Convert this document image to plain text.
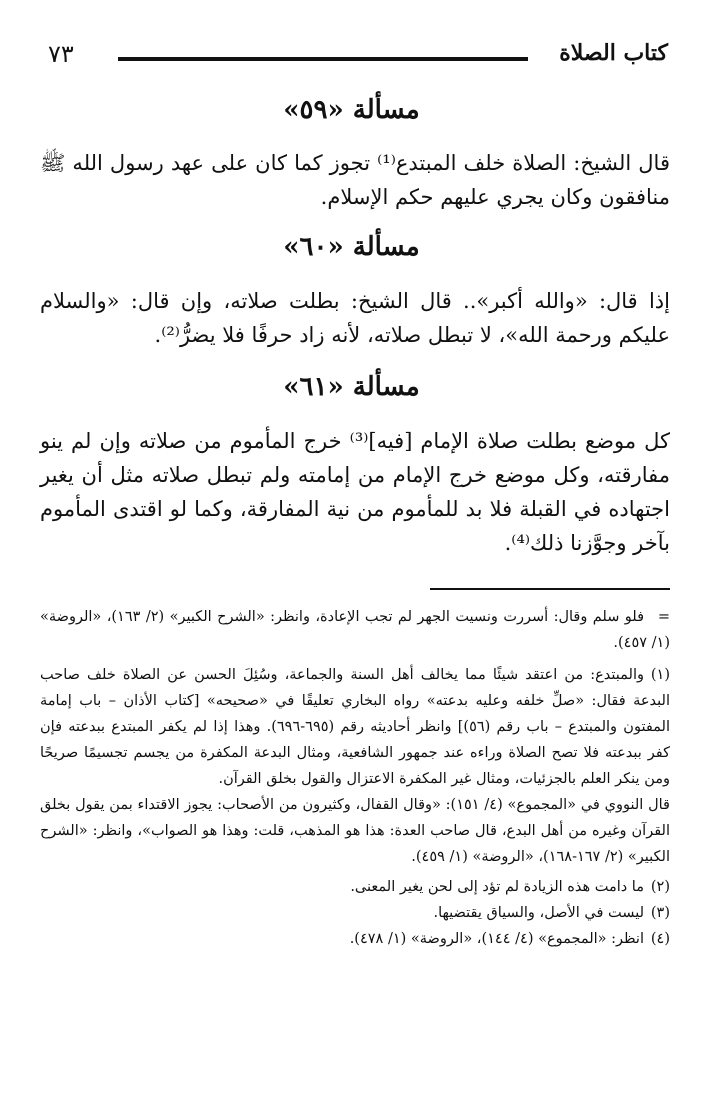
٧٣	كتاب الصلاة
مسألة «٥٩»
قال الشيخ: الصلاة خلف المبتدع⁽¹⁾ تجوز كما كان على عهد رسول الله ﷺ منافقون وكان يجري عليهم حكم الإسلام.
مسألة «٦٠»
إذا قال: «والله أكبر».. قال الشيخ: بطلت صلاته، وإن قال: «والسلام عليكم ورحمة الله»، لا تبطل صلاته، لأنه زاد حرفًا فلا يضرُّ⁽²⁾.
مسألة «٦١»
كل موضع بطلت صلاة الإمام [فيه]⁽³⁾ خرج المأموم من صلاته وإن لم ينو مفارقته، وكل موضع خرج الإمام من إمامته ولم تبطل صلاته مثل أن يغير اجتهاده في القبلة فلا بد للمأموم من نية المفارقة، وكما لو اقتدى المأموم بآخر وجوَّزنا ذلك⁽⁴⁾.

=فلو سلم وقال: أسررت ونسيت الجهر لم تجب الإعادة، وانظر: «الشرح الكبير» (٢/ ١٦٣)، «الروضة» (١/ ٤٥٧).

(١)والمبتدع: من اعتقد شيئًا مما يخالف أهل السنة والجماعة، وسُئِلَ الحسن عن الصلاة خلف صاحب البدعة فقال: «صلِّ خلفه وعليه بدعته» رواه البخاري تعليقًا في «صحيحه» [كتاب الأذان – باب إمامة المفتون والمبتدع – باب رقم (٥٦)] وانظر أحاديثه رقم (٦٩٥-٦٩٦). وهذا إذا لم يكفر المبتدع ببدعته فإن كفر ببدعته فلا تصح الصلاة وراءه عند جمهور الشافعية، ومثال البدعة المكفرة من يجسم تجسيمًا صريحًا ومن ينكر العلم بالجزئيات، ومثال غير المكفرة الاعتزال والقول بخلق القرآن.

قال النووي في «المجموع» (٤/ ١٥١): «وقال القفال، وكثيرون من الأصحاب: يجوز الاقتداء بمن يقول بخلق القرآن وغيره من أهل البدع، قال صاحب العدة: هذا هو المذهب، قلت: وهذا هو الصواب»، وانظر: «الشرح الكبير» (٢/ ١٦٧-١٦٨)، «الروضة» (١/ ٤٥٩).

(٢)ما دامت هذه الزيادة لم تؤد إلى لحن يغير المعنى.

(٣)ليست في الأصل، والسياق يقتضيها.

(٤)انظر: «المجموع» (٤/ ١٤٤)، «الروضة» (١/ ٤٧٨).
